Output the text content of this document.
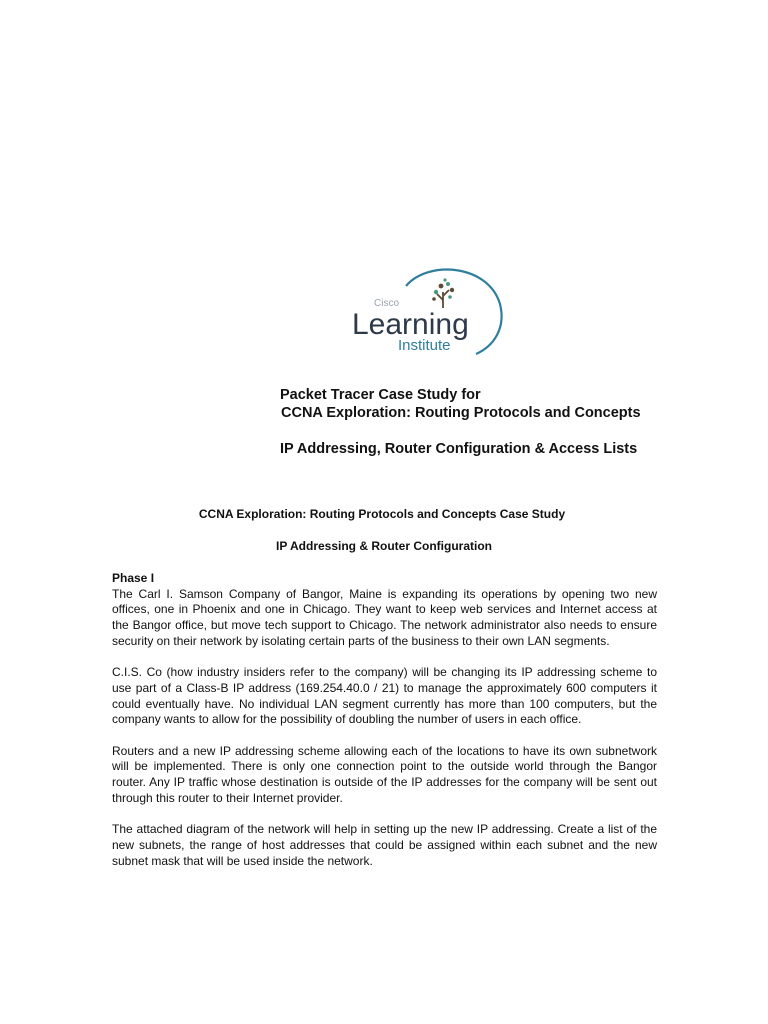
Cisco
Learning
Institute
Packet Tracer Case Study for
CCNA Exploration: Routing Protocols and Concepts
IP Addressing, Router Configuration & Access Lists
CCNA Exploration: Routing Protocols and Concepts Case Study
IP Addressing & Router Configuration

Phase I

The Carl I. Samson Company of Bangor, Maine is expanding its operations by opening two new offices, one in Phoenix and one in Chicago. They want to keep web services and Internet access at the Bangor office, but move tech support to Chicago. The network administrator also needs to ensure security on their network by isolating certain parts of the business to their own LAN segments.

C.I.S. Co (how industry insiders refer to the company) will be changing its IP addressing scheme to use part of a Class-B IP address (169.254.40.0 / 21) to manage the approximately 600 computers it could eventually have. No individual LAN segment currently has more than 100 computers, but the company wants to allow for the possibility of doubling the number of users in each office.

Routers and a new IP addressing scheme allowing each of the locations to have its own subnetwork will be implemented. There is only one connection point to the outside world through the Bangor router. Any IP traffic whose destination is outside of the IP addresses for the company will be sent out through this router to their Internet provider.

The attached diagram of the network will help in setting up the new IP addressing. Create a list of the new subnets, the range of host addresses that could be assigned within each subnet and the new subnet mask that will be used inside the network.
